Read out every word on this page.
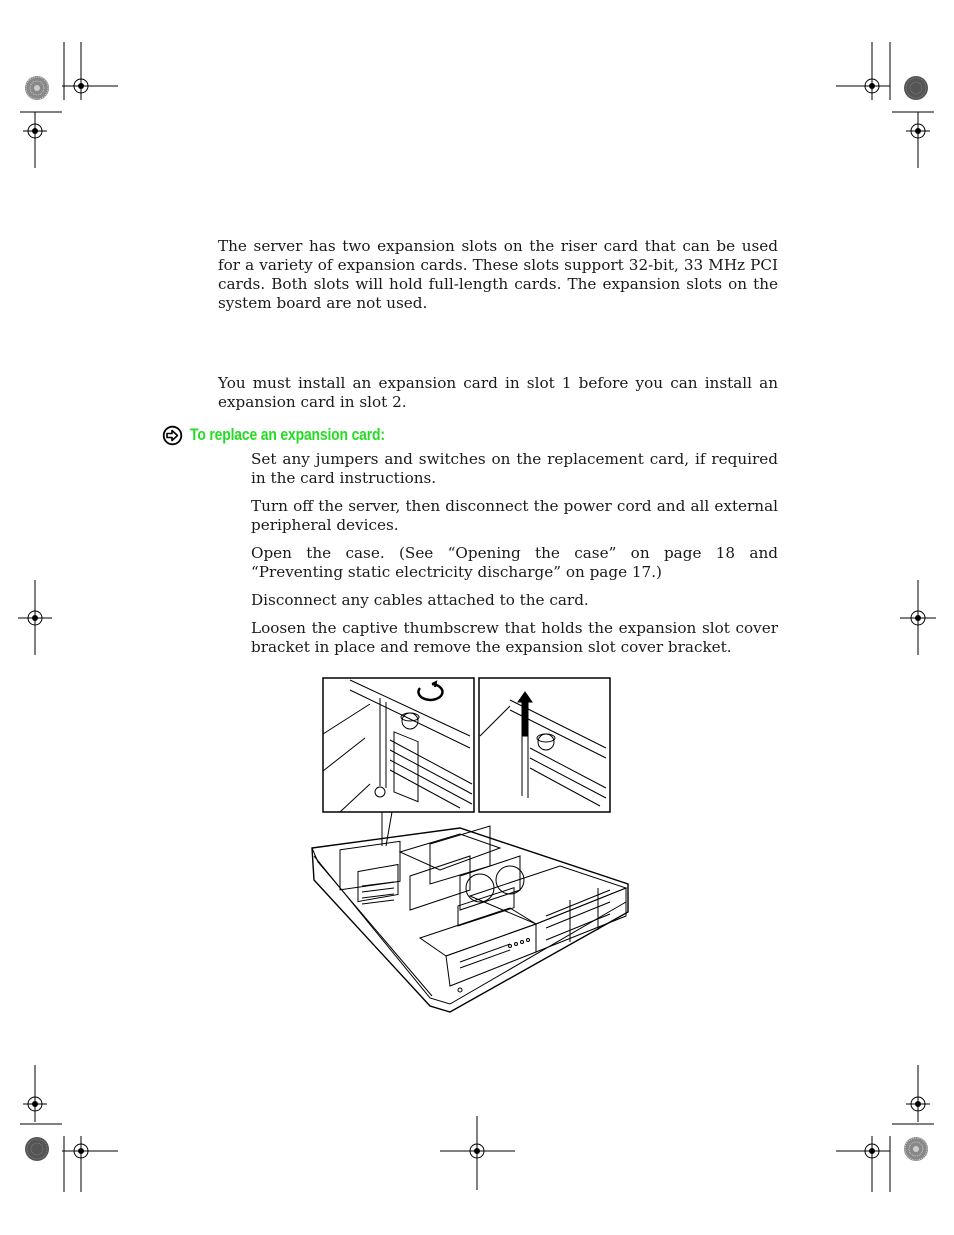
The server has two expansion slots on the riser card that can be used for a variety of expansion cards. These slots support 32-bit, 33 MHz PCI cards. Both slots will hold full-length cards. The expansion slots on the system board are not used.

You must install an expansion card in slot 1 before you can install an expansion card in slot 2.

To replace an expansion card:

Set any jumpers and switches on the replacement card, if required in the card instructions.

Turn off the server, then disconnect the power cord and all external peripheral devices.

Open the case. (See “Opening the case” on page 18 and “Preventing static electricity discharge” on page 17.)

Disconnect any cables attached to the card.

Loosen the captive thumbscrew that holds the expansion slot cover bracket in place and remove the expansion slot cover bracket.
